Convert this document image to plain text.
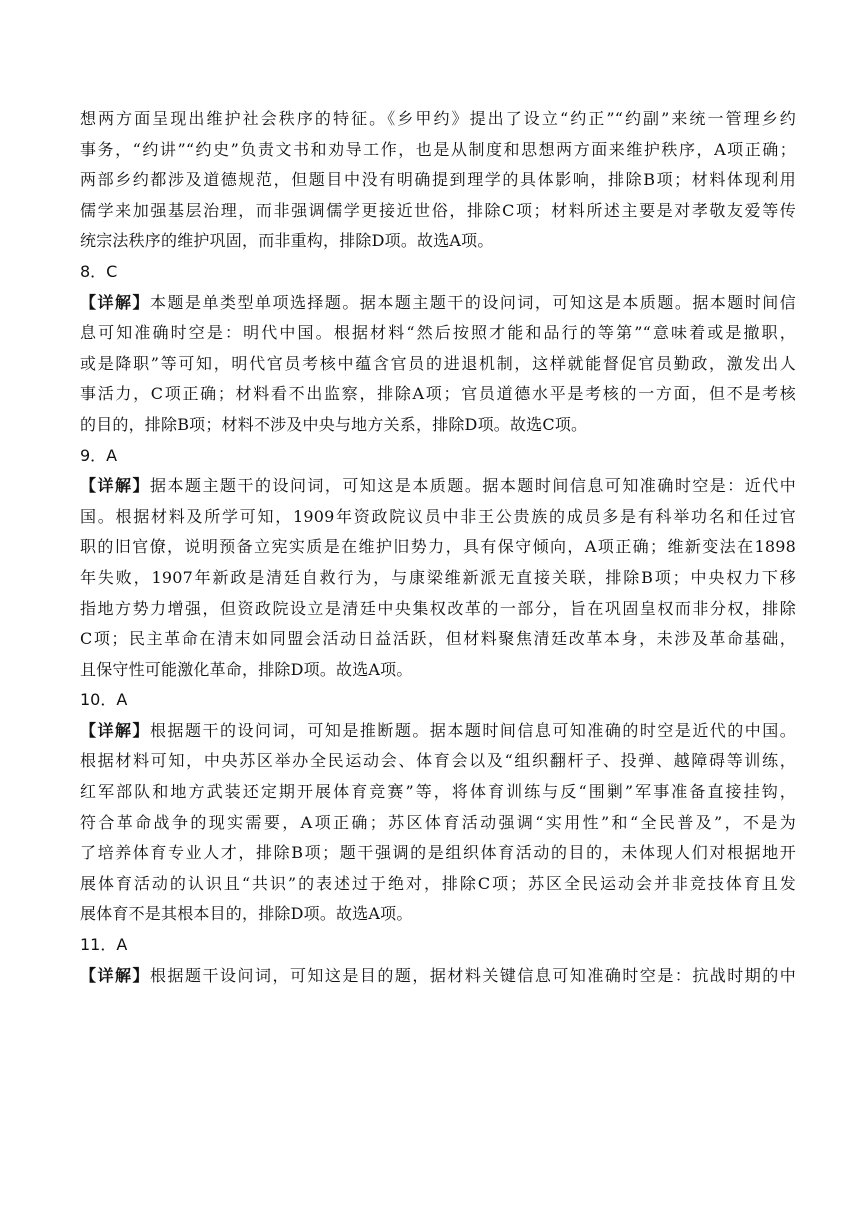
想两方面呈现出维护社会秩序的特征。《乡甲约》提出了设立“约正”“约副”来统一管理乡约
事务，“约讲”“约史”负责文书和劝导工作，也是从制度和思想两方面来维护秩序，A项正确；
两部乡约都涉及道德规范，但题目中没有明确提到理学的具体影响，排除B项；材料体现利用
儒学来加强基层治理，而非强调儒学更接近世俗，排除C项；材料所述主要是对孝敬友爱等传
统宗法秩序的维护巩固，而非重构，排除D项。故选A项。
8．C
【详解】本题是单类型单项选择题。据本题主题干的设问词，可知这是本质题。据本题时间信
息可知准确时空是：明代中国。根据材料“然后按照才能和品行的等第”“意味着或是撤职，
或是降职”等可知，明代官员考核中蕴含官员的进退机制，这样就能督促官员勤政，激发出人
事活力，C项正确；材料看不出监察，排除A项；官员道德水平是考核的一方面，但不是考核
的目的，排除B项；材料不涉及中央与地方关系，排除D项。故选C项。
9．A
【详解】据本题主题干的设问词，可知这是本质题。据本题时间信息可知准确时空是：近代中
国。根据材料及所学可知，1909年资政院议员中非王公贵族的成员多是有科举功名和任过官
职的旧官僚，说明预备立宪实质是在维护旧势力，具有保守倾向，A项正确；维新变法在1898
年失败，1907年新政是清廷自救行为，与康梁维新派无直接关联，排除B项；中央权力下移
指地方势力增强，但资政院设立是清廷中央集权改革的一部分，旨在巩固皇权而非分权，排除
C项；民主革命在清末如同盟会活动日益活跃，但材料聚焦清廷改革本身，未涉及革命基础，
且保守性可能激化革命，排除D项。故选A项。
10．A
【详解】根据题干的设问词，可知是推断题。据本题时间信息可知准确的时空是近代的中国。
根据材料可知，中央苏区举办全民运动会、体育会以及“组织翻杆子、投弹、越障碍等训练，
红军部队和地方武装还定期开展体育竞赛”等，将体育训练与反“围剿”军事准备直接挂钩，
符合革命战争的现实需要，A项正确；苏区体育活动强调“实用性”和“全民普及”，不是为
了培养体育专业人才，排除B项；题干强调的是组织体育活动的目的，未体现人们对根据地开
展体育活动的认识且“共识”的表述过于绝对，排除C项；苏区全民运动会并非竞技体育且发
展体育不是其根本目的，排除D项。故选A项。
11．A
【详解】根据题干设问词，可知这是目的题，据材料关键信息可知准确时空是：抗战时期的中
